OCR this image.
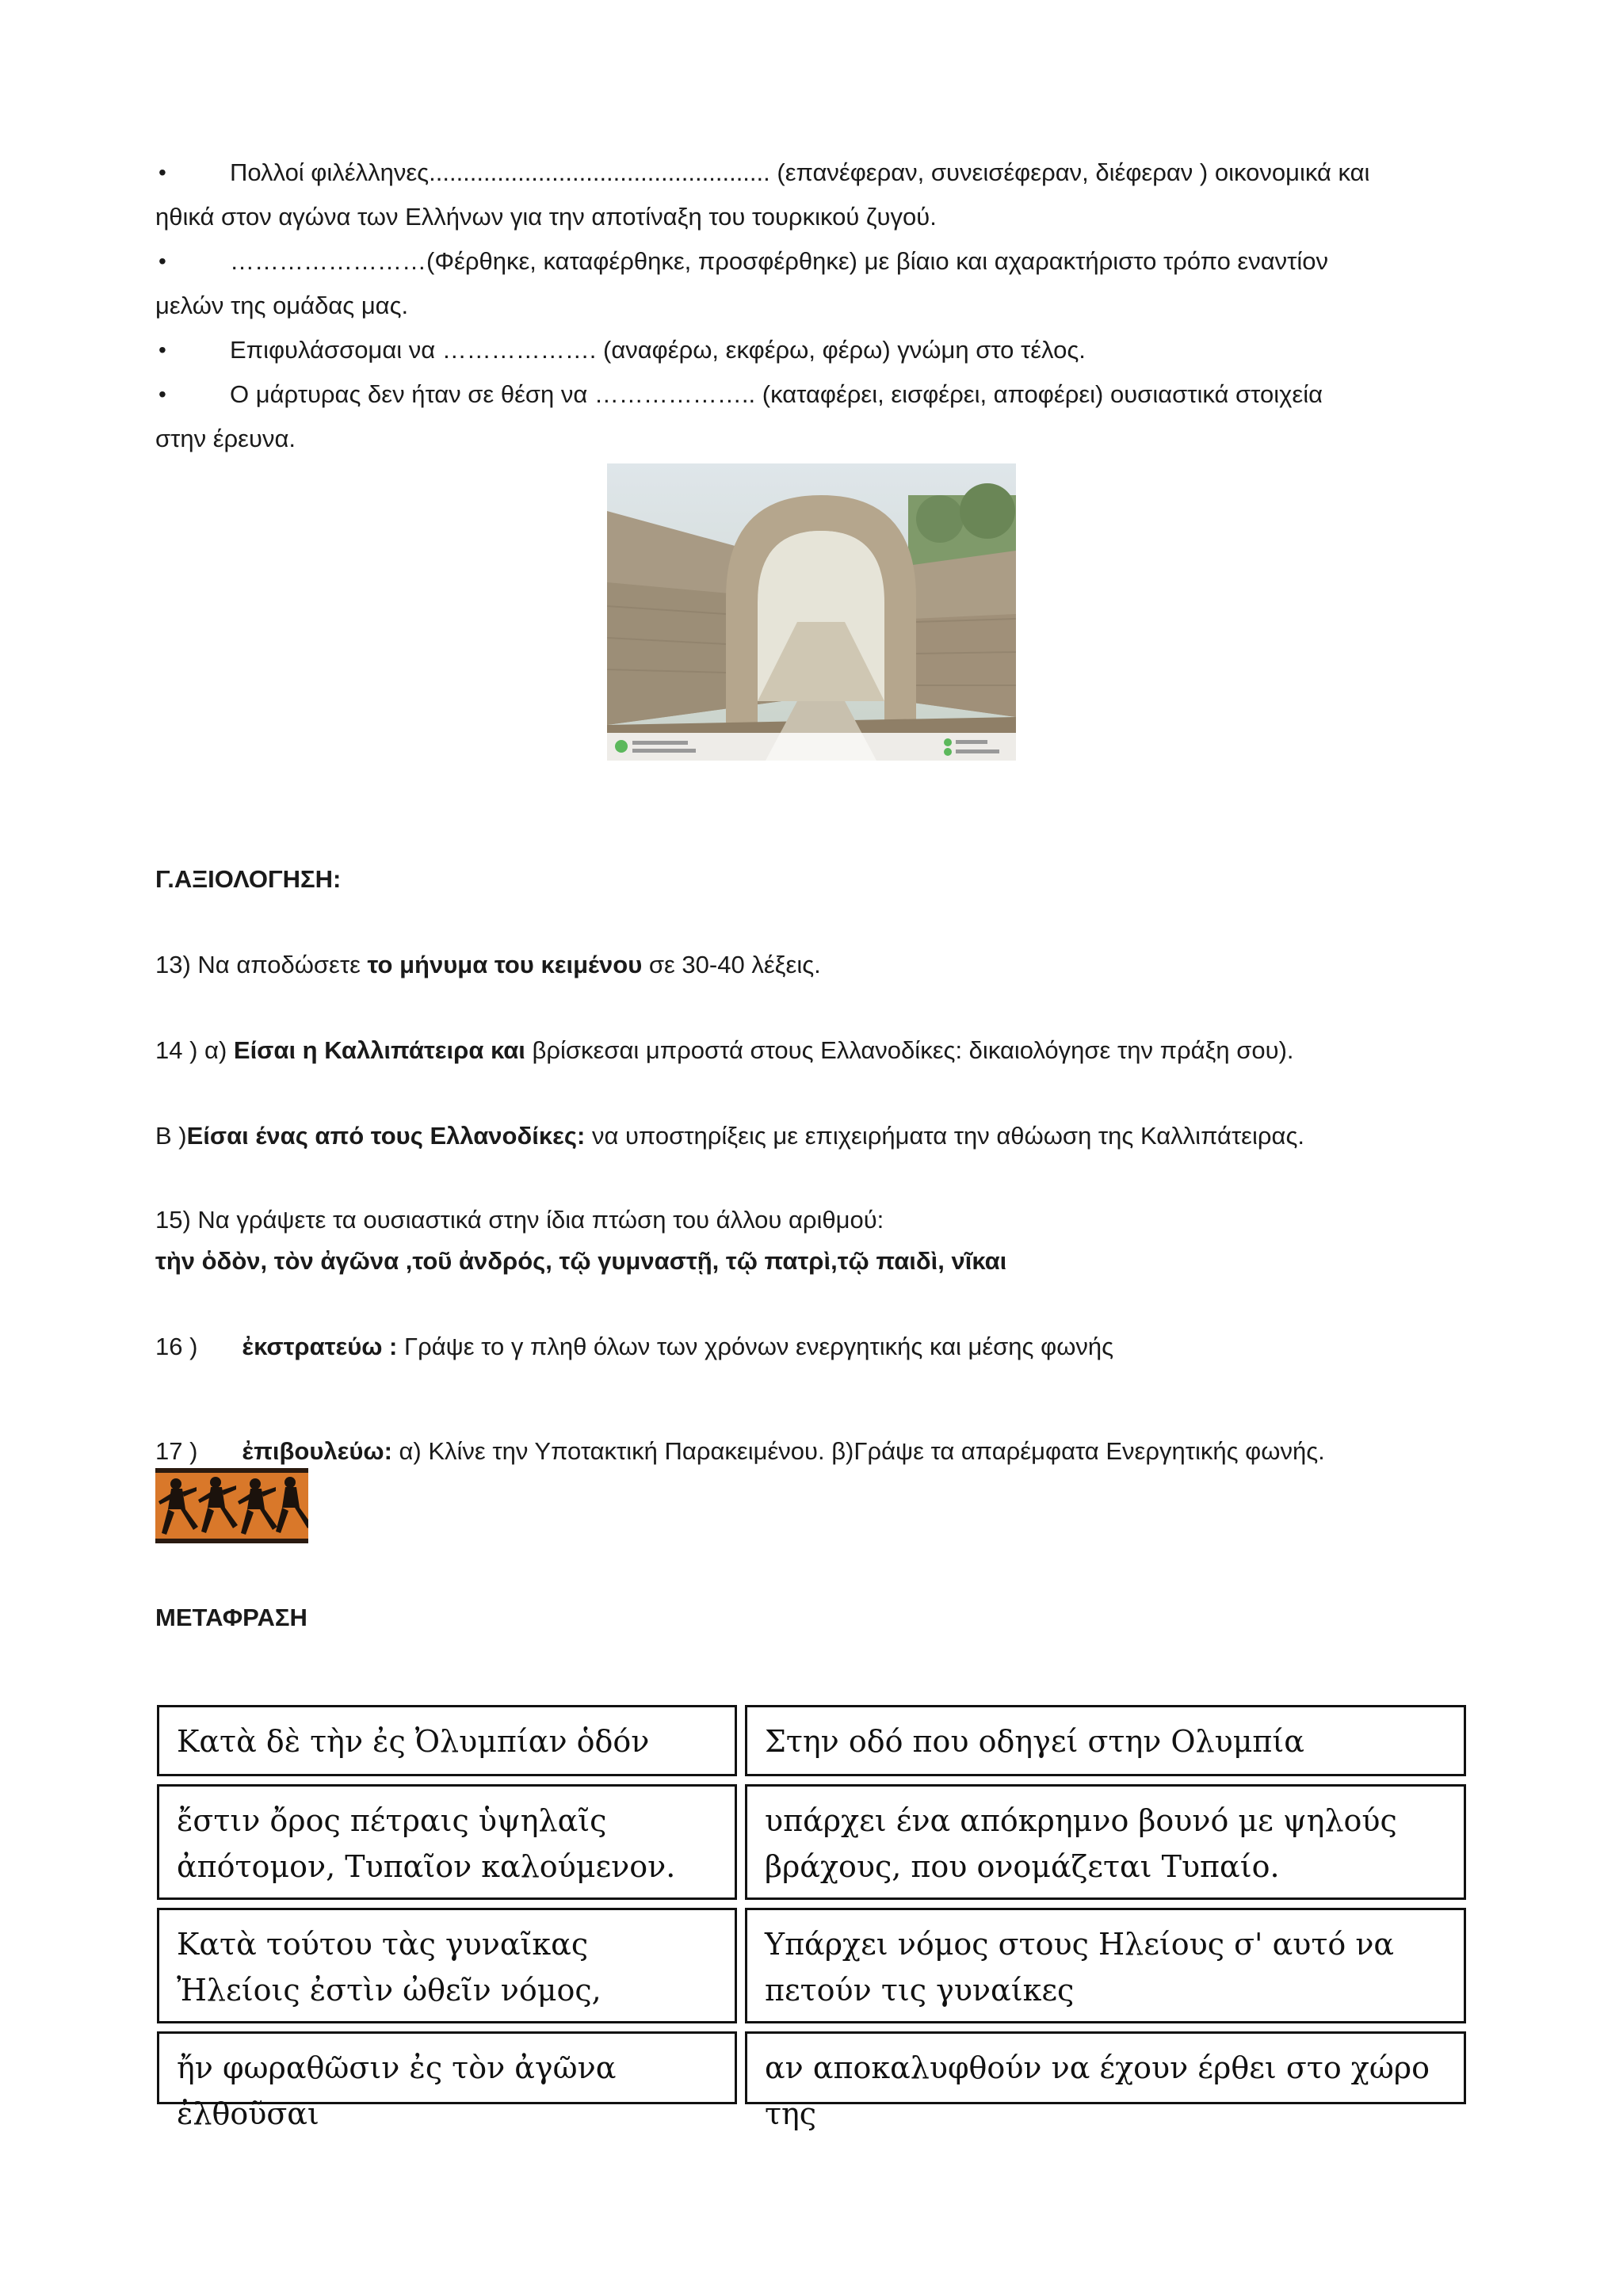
• Πολλοί φιλέλληνες.................................................. (επανέφεραν, συνεισέφεραν, διέφεραν ) οικονομικά και
ηθικά στον αγώνα των Ελλήνων για την αποτίναξη του τουρκικού ζυγού.
• ……………………(Φέρθηκε, καταφέρθηκε, προσφέρθηκε) με βίαιο και αχαρακτήριστο τρόπο εναντίον
μελών της ομάδας μας.
• Επιφυλάσσομαι να ………………. (αναφέρω, εκφέρω, φέρω) γνώμη στο τέλος.
• Ο μάρτυρας δεν ήταν σε θέση να ……………….. (καταφέρει, εισφέρει, αποφέρει) ουσιαστικά στοιχεία
στην έρευνα.
Γ.ΑΞΙΟΛΟΓΗΣΗ:
13) Να αποδώσετε το μήνυμα του κειμένου σε 30-40 λέξεις.
14 ) α) Είσαι η Καλλιπάτειρα και βρίσκεσαι μπροστά στους Ελλανοδίκες: δικαιολόγησε την πράξη σου).
Β )Είσαι ένας από τους Ελλανοδίκες: να υποστηρίξεις με επιχειρήματα την αθώωση της Καλλιπάτειρας.
15) Να γράψετε τα ουσιαστικά στην ίδια πτώση του άλλου αριθμού:
τὴν ὁδὸν, τὸν ἀγῶνα ,τοῦ ἀνδρός, τῷ γυμναστῇ, τῷ πατρὶ,τῷ παιδὶ, νῖκαι
16 ) ἐκστρατεύω : Γράψε το γ πληθ όλων των χρόνων ενεργητικής και μέσης φωνής
17 ) ἐπιβουλεύω: α) Κλίνε την Υποτακτική Παρακειμένου. β)Γράψε τα απαρέμφατα Ενεργητικής φωνής.
ΜΕΤΑΦΡΑΣΗ
Κατὰ δὲ τὴν ἐς Ὀλυμπίαν ὁδόν	Στην οδό που οδηγεί στην Ολυμπία
ἔστιν ὄρος πέτραις ὑψηλαῖς ἀπότομον, Τυπαῖον καλούμενον.
υπάρχει ένα απόκρημνο βουνό με ψηλούς βράχους, που ονομάζεται Τυπαίο.
Κατὰ τούτου τὰς γυναῖκας Ἠλείοις ἐστὶν ὠθεῖν νόμος,
Υπάρχει νόμος στους Ηλείους σ' αυτό να πετούν τις γυναίκες
ἤν φωραθῶσιν ἐς τὸν ἀγῶνα ἐλθοῦσαι
αν αποκαλυφθούν να έχουν έρθει στο χώρο της
